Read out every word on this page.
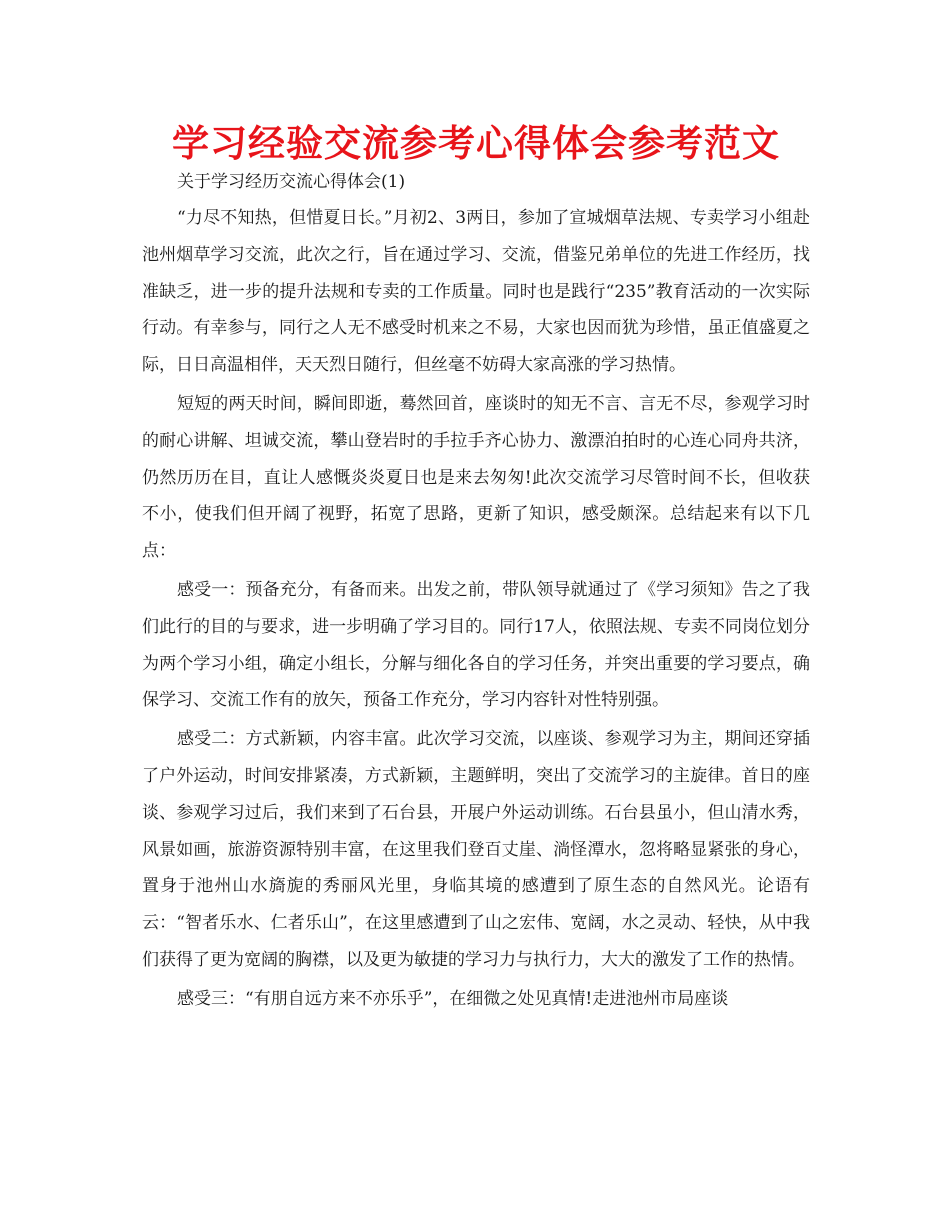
学习经验交流参考心得体会参考范文
关于学习经历交流心得体会(1)

“力尽不知热，但惜夏日长。”月初2、3两日，参加了宣城烟草法规、专卖学习小组赴池州烟草学习交流，此次之行，旨在通过学习、交流，借鉴兄弟单位的先进工作经历，找准缺乏，进一步的提升法规和专卖的工作质量。同时也是践行“235”教育活动的一次实际行动。有幸参与，同行之人无不感受时机来之不易，大家也因而犹为珍惜，虽正值盛夏之际，日日高温相伴，天天烈日随行，但丝毫不妨碍大家高涨的学习热情。

短短的两天时间，瞬间即逝，蓦然回首，座谈时的知无不言、言无不尽，参观学习时的耐心讲解、坦诚交流，攀山登岩时的手拉手齐心协力、激漂泊拍时的心连心同舟共济，仍然历历在目，直让人感慨炎炎夏日也是来去匆匆!此次交流学习尽管时间不长，但收获不小，使我们但开阔了视野，拓宽了思路，更新了知识，感受颇深。总结起来有以下几点：

感受一：预备充分，有备而来。出发之前，带队领导就通过了《学习须知》告之了我们此行的目的与要求，进一步明确了学习目的。同行17人，依照法规、专卖不同岗位划分为两个学习小组，确定小组长，分解与细化各自的学习任务，并突出重要的学习要点，确保学习、交流工作有的放矢，预备工作充分，学习内容针对性特别强。

感受二：方式新颖，内容丰富。此次学习交流，以座谈、参观学习为主，期间还穿插了户外运动，时间安排紧凑，方式新颖，主题鲜明，突出了交流学习的主旋律。首日的座谈、参观学习过后，我们来到了石台县，开展户外运动训练。石台县虽小，但山清水秀，风景如画，旅游资源特别丰富，在这里我们登百丈崖、淌怪潭水，忽将略显紧张的身心，置身于池州山水旖旎的秀丽风光里，身临其境的感遭到了原生态的自然风光。论语有云：“智者乐水、仁者乐山”，在这里感遭到了山之宏伟、宽阔，水之灵动、轻快，从中我们获得了更为宽阔的胸襟，以及更为敏捷的学习力与执行力，大大的激发了工作的热情。

感受三：“有朋自远方来不亦乐乎”，在细微之处见真情!走进池州市局座谈
